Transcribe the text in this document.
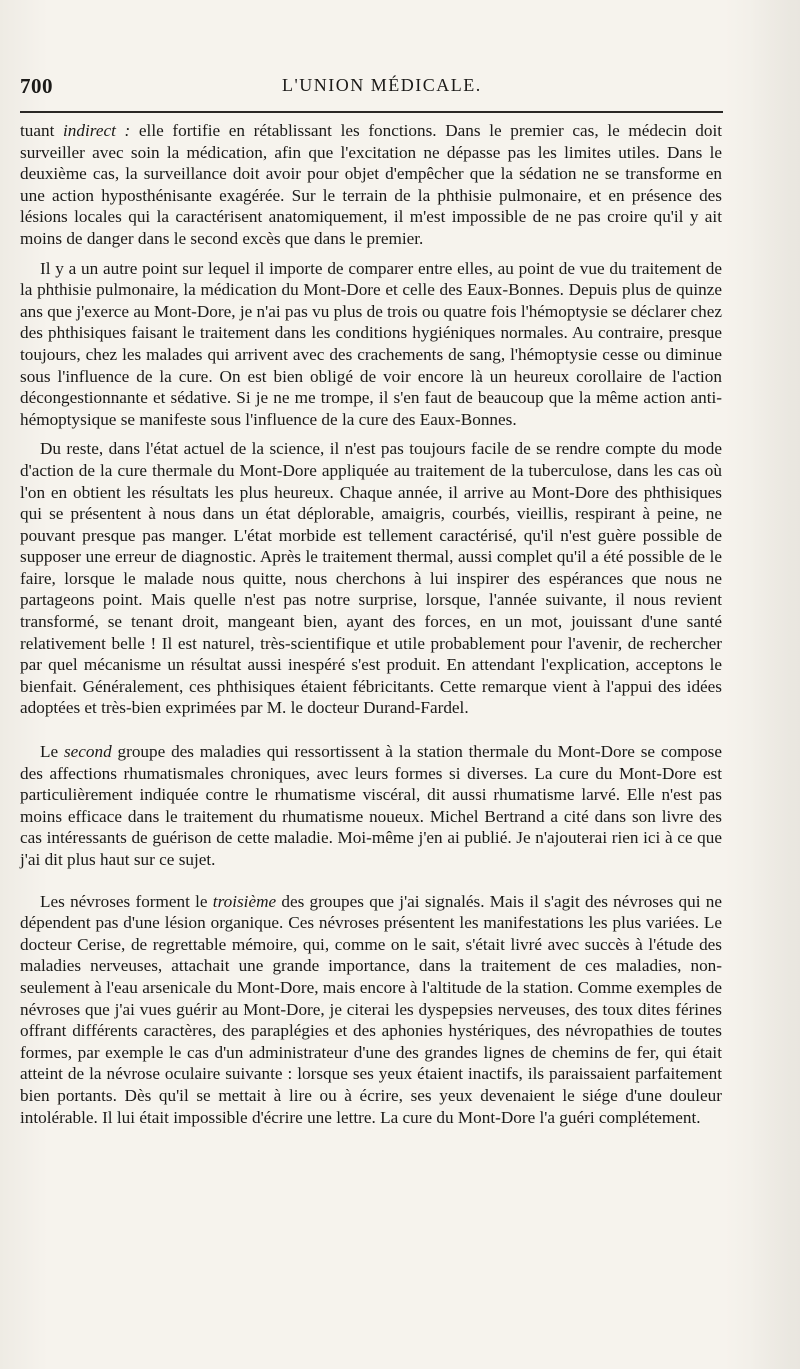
700	L'UNION MÉDICALE.

tuant indirect : elle fortifie en rétablissant les fonctions. Dans le premier cas, le médecin doit surveiller avec soin la médication, afin que l'excitation ne dépasse pas les limites utiles. Dans le deuxième cas, la surveillance doit avoir pour objet d'empêcher que la sédation ne se transforme en une action hyposthénisante exagérée. Sur le terrain de la phthisie pulmonaire, et en présence des lésions locales qui la caractérisent anatomiquement, il m'est impossible de ne pas croire qu'il y ait moins de danger dans le second excès que dans le premier.

Il y a un autre point sur lequel il importe de comparer entre elles, au point de vue du traitement de la phthisie pulmonaire, la médication du Mont-Dore et celle des Eaux-Bonnes. Depuis plus de quinze ans que j'exerce au Mont-Dore, je n'ai pas vu plus de trois ou quatre fois l'hémoptysie se déclarer chez des phthisiques faisant le traitement dans les conditions hygiéniques normales. Au contraire, presque toujours, chez les malades qui arrivent avec des crachements de sang, l'hémoptysie cesse ou diminue sous l'influence de la cure. On est bien obligé de voir encore là un heureux corollaire de l'action décongestionnante et sédative. Si je ne me trompe, il s'en faut de beaucoup que la même action anti-hémoptysique se manifeste sous l'influence de la cure des Eaux-Bonnes.

Du reste, dans l'état actuel de la science, il n'est pas toujours facile de se rendre compte du mode d'action de la cure thermale du Mont-Dore appliquée au traitement de la tuberculose, dans les cas où l'on en obtient les résultats les plus heureux. Chaque année, il arrive au Mont-Dore des phthisiques qui se présentent à nous dans un état déplorable, amaigris, courbés, vieillis, respirant à peine, ne pouvant presque pas manger. L'état morbide est tellement caractérisé, qu'il n'est guère possible de supposer une erreur de diagnostic. Après le traitement thermal, aussi complet qu'il a été possible de le faire, lorsque le malade nous quitte, nous cherchons à lui inspirer des espérances que nous ne partageons point. Mais quelle n'est pas notre surprise, lorsque, l'année suivante, il nous revient transformé, se tenant droit, mangeant bien, ayant des forces, en un mot, jouissant d'une santé relativement belle ! Il est naturel, très-scientifique et utile probablement pour l'avenir, de rechercher par quel mécanisme un résultat aussi inespéré s'est produit. En attendant l'explication, acceptons le bienfait. Généralement, ces phthisiques étaient fébricitants. Cette remarque vient à l'appui des idées adoptées et très-bien exprimées par M. le docteur Durand-Fardel.

Le second groupe des maladies qui ressortissent à la station thermale du Mont-Dore se compose des affections rhumatismales chroniques, avec leurs formes si diverses. La cure du Mont-Dore est particulièrement indiquée contre le rhumatisme viscéral, dit aussi rhumatisme larvé. Elle n'est pas moins efficace dans le traitement du rhumatisme noueux. Michel Bertrand a cité dans son livre des cas intéressants de guérison de cette maladie. Moi-même j'en ai publié. Je n'ajouterai rien ici à ce que j'ai dit plus haut sur ce sujet.

Les névroses forment le troisième des groupes que j'ai signalés. Mais il s'agit des névroses qui ne dépendent pas d'une lésion organique. Ces névroses présentent les manifestations les plus variées. Le docteur Cerise, de regrettable mémoire, qui, comme on le sait, s'était livré avec succès à l'étude des maladies nerveuses, attachait une grande importance, dans la traitement de ces maladies, non-seulement à l'eau arsenicale du Mont-Dore, mais encore à l'altitude de la station. Comme exemples de névroses que j'ai vues guérir au Mont-Dore, je citerai les dyspepsies nerveuses, des toux dites férines offrant différents caractères, des paraplégies et des aphonies hystériques, des névropathies de toutes formes, par exemple le cas d'un administrateur d'une des grandes lignes de chemins de fer, qui était atteint de la névrose oculaire suivante : lorsque ses yeux étaient inactifs, ils paraissaient parfaitement bien portants. Dès qu'il se mettait à lire ou à écrire, ses yeux devenaient le siége d'une douleur intolérable. Il lui était impossible d'écrire une lettre. La cure du Mont-Dore l'a guéri complétement.
